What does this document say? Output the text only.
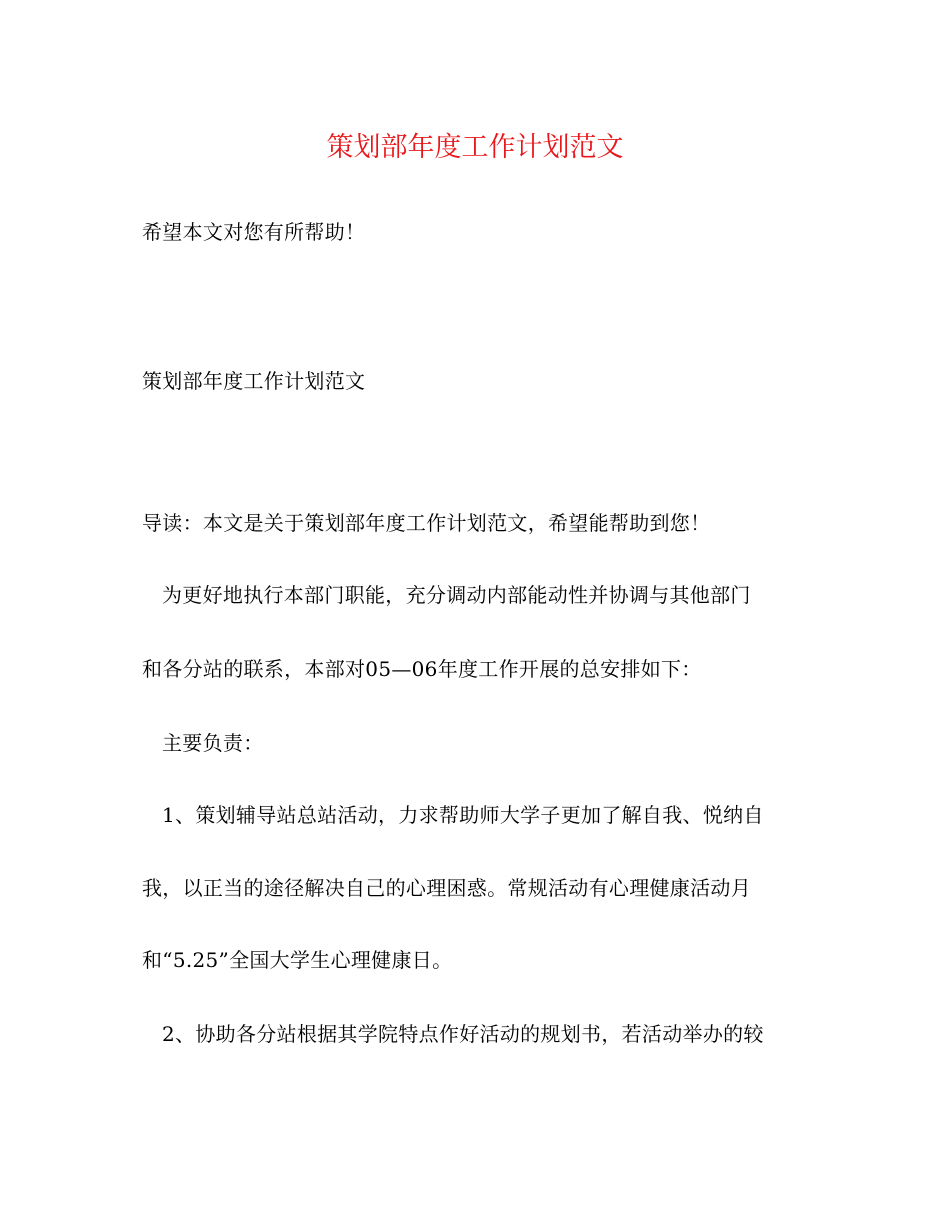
策划部年度工作计划范文
希望本文对您有所帮助！
策划部年度工作计划范文
导读：本文是关于策划部年度工作计划范文，希望能帮助到您！
为更好地执行本部门职能，充分调动内部能动性并协调与其他部门
和各分站的联系，本部对05—06年度工作开展的总安排如下：
主要负责：
1、策划辅导站总站活动，力求帮助师大学子更加了解自我、悦纳自
我，以正当的途径解决自己的心理困惑。常规活动有心理健康活动月
和“5.25”全国大学生心理健康日。
2、协助各分站根据其学院特点作好活动的规划书，若活动举办的较
